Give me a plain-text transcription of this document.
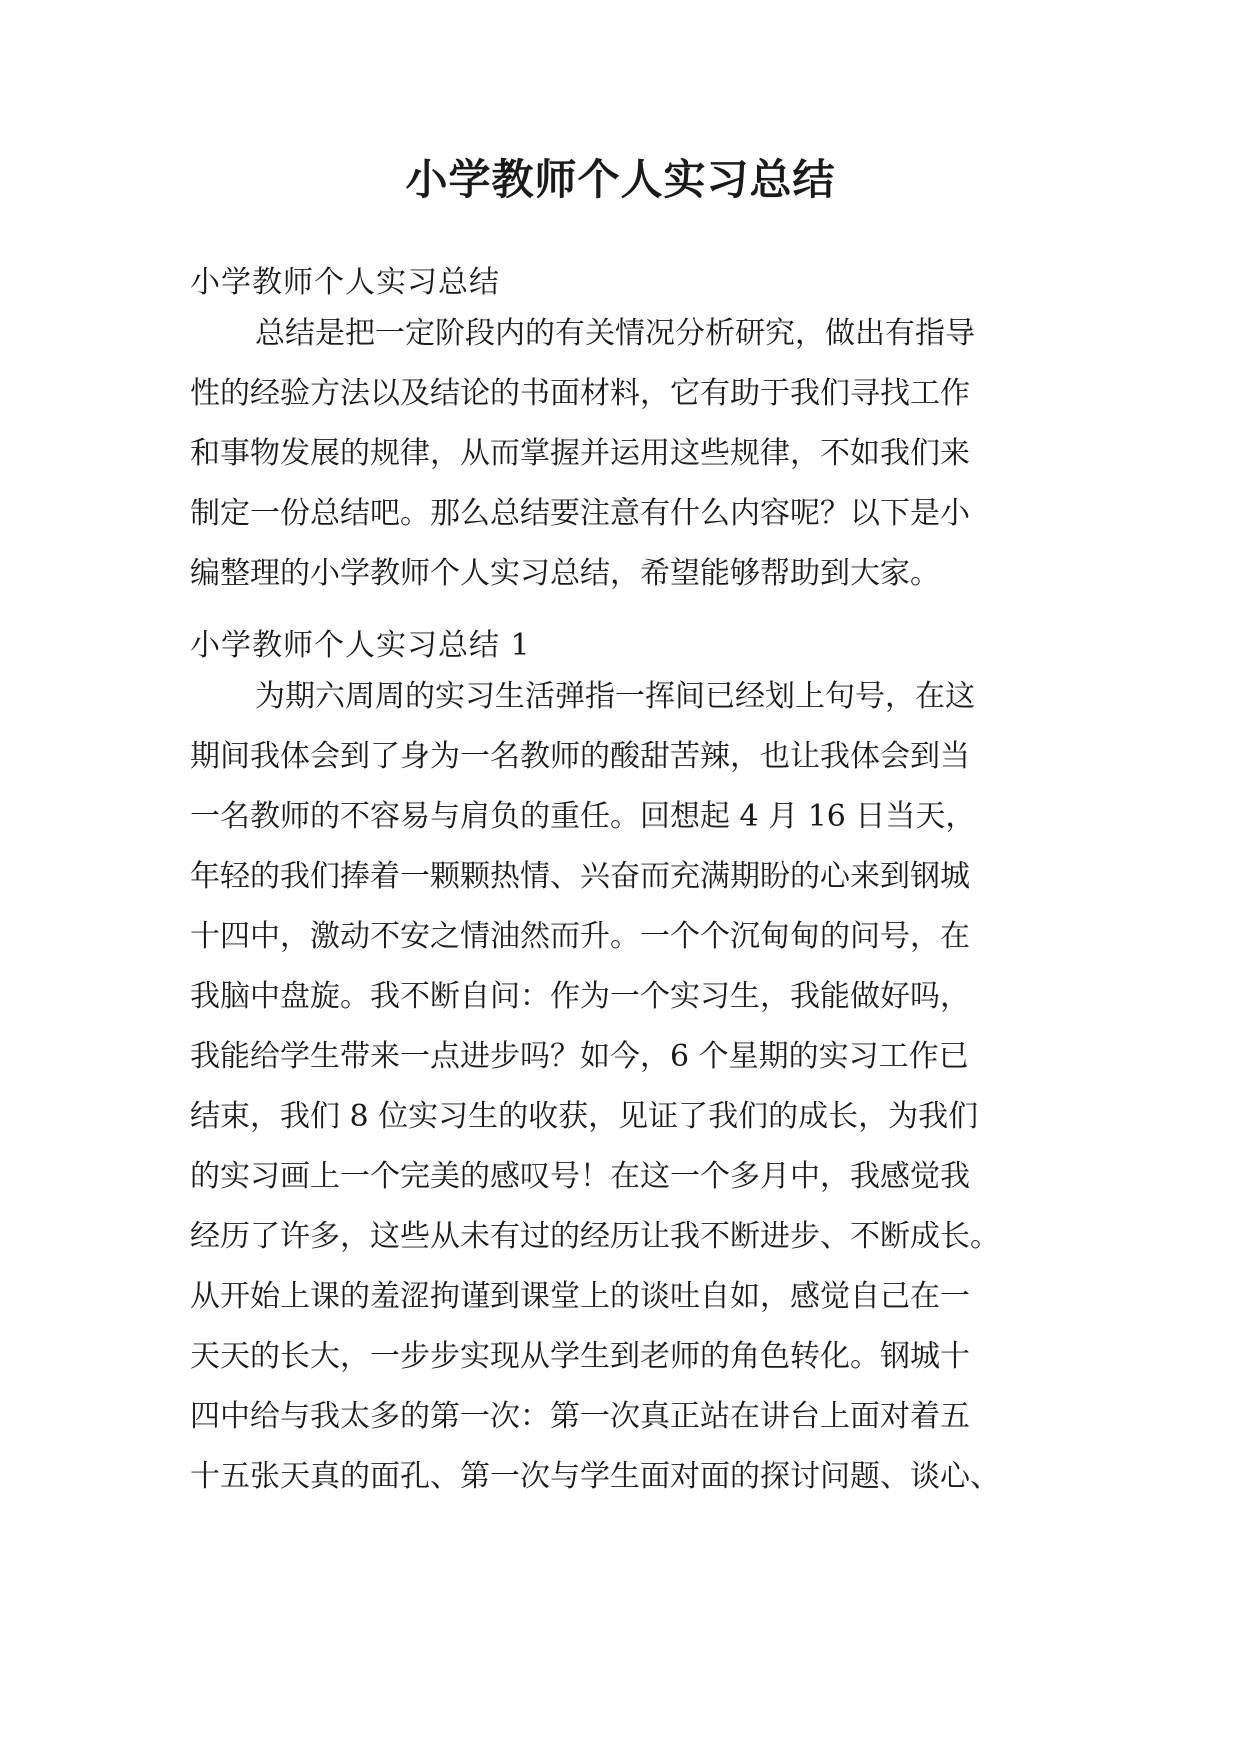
小学教师个人实习总结

小学教师个人实习总结

总结是把一定阶段内的有关情况分析研究，做出有指导
性的经验方法以及结论的书面材料，它有助于我们寻找工作
和事物发展的规律，从而掌握并运用这些规律，不如我们来
制定一份总结吧。那么总结要注意有什么内容呢？以下是小
编整理的小学教师个人实习总结，希望能够帮助到大家。

小学教师个人实习总结 1

为期六周周的实习生活弹指一挥间已经划上句号，在这
期间我体会到了身为一名教师的酸甜苦辣，也让我体会到当
一名教师的不容易与肩负的重任。回想起 4 月 16 日当天，
年轻的我们捧着一颗颗热情、兴奋而充满期盼的心来到钢城
十四中，激动不安之情油然而升。一个个沉甸甸的问号，在
我脑中盘旋。我不断自问：作为一个实习生，我能做好吗，
我能给学生带来一点进步吗？如今，6 个星期的实习工作已
结束，我们 8 位实习生的收获，见证了我们的成长，为我们
的实习画上一个完美的感叹号！在这一个多月中，我感觉我
经历了许多，这些从未有过的经历让我不断进步、不断成长。
从开始上课的羞涩拘谨到课堂上的谈吐自如，感觉自己在一
天天的长大，一步步实现从学生到老师的角色转化。钢城十
四中给与我太多的第一次：第一次真正站在讲台上面对着五
十五张天真的面孔、第一次与学生面对面的探讨问题、谈心、
